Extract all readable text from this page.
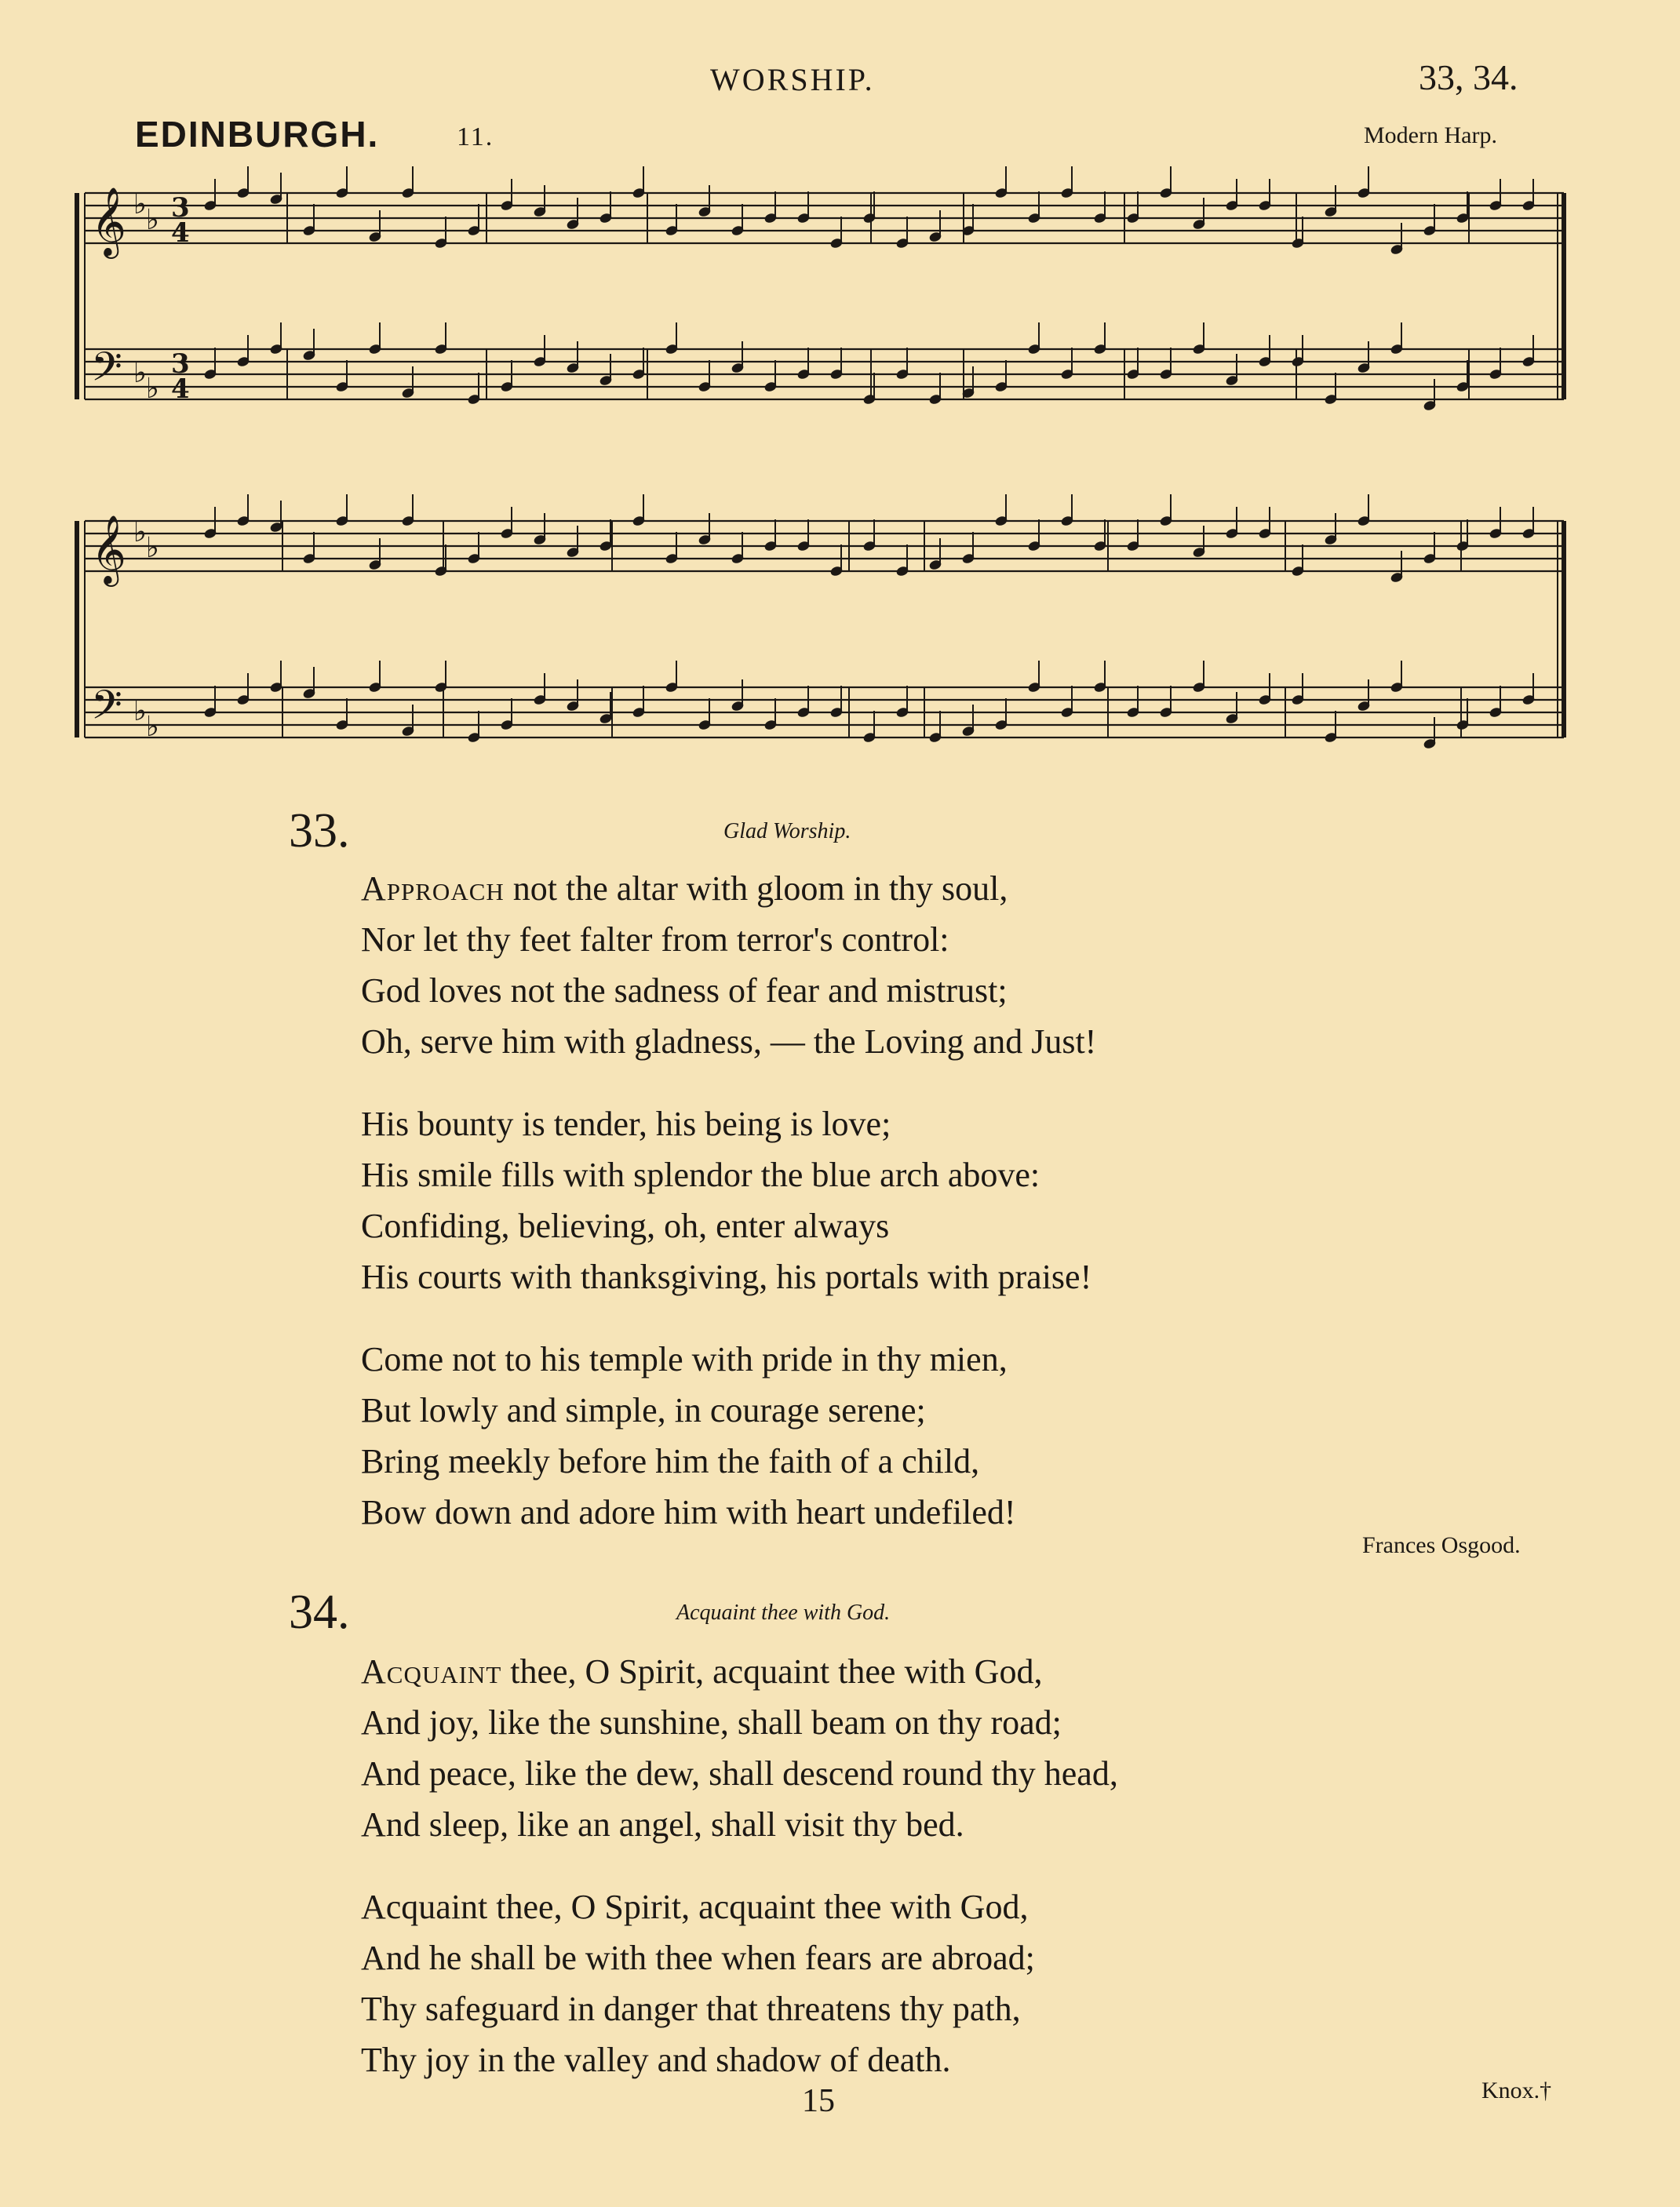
WORSHIP.	33, 34.
EDINBURGH.	11.	Modern Harp.
𝄞
𝄢
♭
♭
♭
♭
3
4
3
4
𝄞
𝄢
♭
♭
♭
♭
33.	Glad Worship.
Approach not the altar with gloom in thy soul,
Nor let thy feet falter from terror's control:
God loves not the sadness of fear and mistrust;
Oh, serve him with gladness, — the Loving and Just!
His bounty is tender, his being is love;
His smile fills with splendor the blue arch above:
Confiding, believing, oh, enter always
His courts with thanksgiving, his portals with praise!
Come not to his temple with pride in thy mien,
But lowly and simple, in courage serene;
Bring meekly before him the faith of a child,
Bow down and adore him with heart undefiled!
Frances Osgood.
34.	Acquaint thee with God.
Acquaint thee, O Spirit, acquaint thee with God,
And joy, like the sunshine, shall beam on thy road;
And peace, like the dew, shall descend round thy head,
And sleep, like an angel, shall visit thy bed.
Acquaint thee, O Spirit, acquaint thee with God,
And he shall be with thee when fears are abroad;
Thy safeguard in danger that threatens thy path,
Thy joy in the valley and shadow of death.
Knox.†
15
